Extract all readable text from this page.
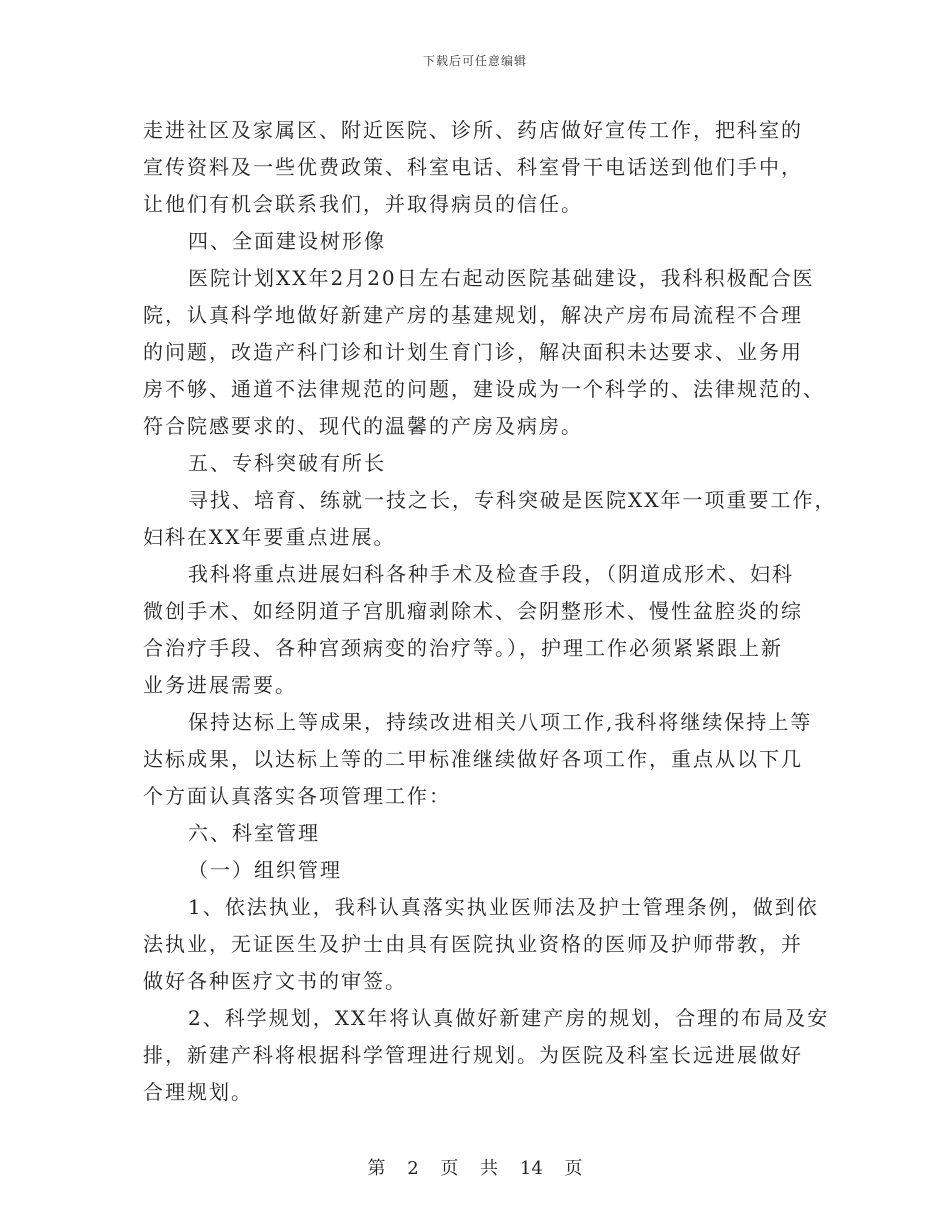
下载后可任意编辑
走进社区及家属区、附近医院、诊所、药店做好宣传工作，把科室的
宣传资料及一些优费政策、科室电话、科室骨干电话送到他们手中，
让他们有机会联系我们，并取得病员的信任。
四、全面建设树形像
医院计划XX年2月20日左右起动医院基础建设，我科积极配合医
院，认真科学地做好新建产房的基建规划，解决产房布局流程不合理
的问题，改造产科门诊和计划生育门诊，解决面积未达要求、业务用
房不够、通道不法律规范的问题，建设成为一个科学的、法律规范的、
符合院感要求的、现代的温馨的产房及病房。
五、专科突破有所长
寻找、培育、练就一技之长，专科突破是医院XX年一项重要工作，
妇科在XX年要重点进展。
我科将重点进展妇科各种手术及检查手段，（阴道成形术、妇科
微创手术、如经阴道子宫肌瘤剥除术、会阴整形术、慢性盆腔炎的综
合治疗手段、各种宫颈病变的治疗等。），护理工作必须紧紧跟上新
业务进展需要。
保持达标上等成果，持续改进相关八项工作,我科将继续保持上等
达标成果，以达标上等的二甲标准继续做好各项工作，重点从以下几
个方面认真落实各项管理工作：
六、科室管理
（一）组织管理
1、依法执业，我科认真落实执业医师法及护士管理条例，做到依
法执业，无证医生及护士由具有医院执业资格的医师及护师带教，并
做好各种医疗文书的审签。
2、科学规划，XX年将认真做好新建产房的规划，合理的布局及安
排，新建产科将根据科学管理进行规划。为医院及科室长远进展做好
合理规划。
第 2 页 共 14 页
